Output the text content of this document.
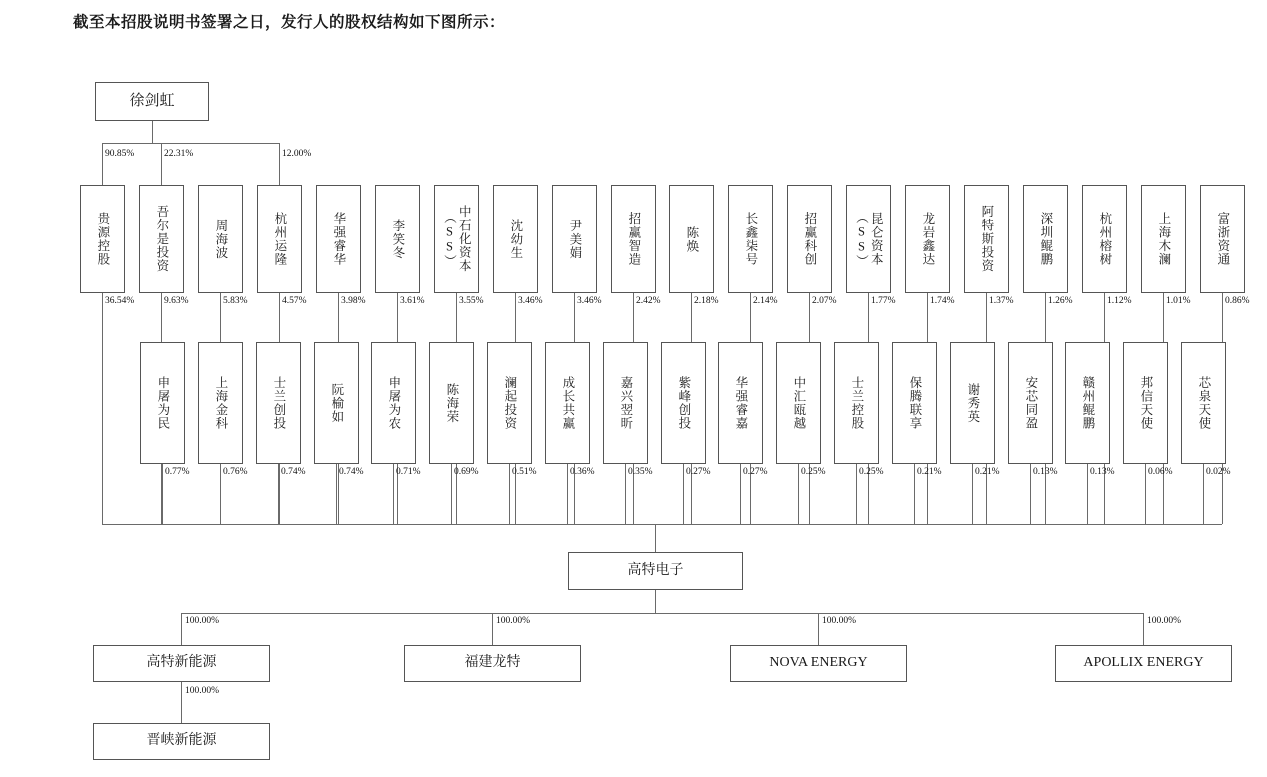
截至本招股说明书签署之日，发行人的股权结构如下图所示：
徐剑虹
贵源控股	吾尔是投资	周海波	杭州运隆	华强睿华	李笑冬	中石化资本（SS）	沈幼生	尹美娟	招赢智造	陈焕	长鑫柒号	招赢科创	昆仑资本（SS）	龙岩鑫达	阿特斯投资	深圳鲲鹏	杭州榕树	上海木澜	富浙资通
申屠为民	上海金科	士兰创投	阮榆如	申屠为农	陈海荣	澜起投资	成长共赢	嘉兴翌昕	紫峰创投	华强睿嘉	中汇瓯越	士兰控股	保腾联享	谢秀英	安芯同盈	赣州鲲鹏	邦信天使	芯泉天使
90.85%	22.31%	12.00%
36.54%	9.63%	5.83%	4.57%	3.98%	3.61%	3.55%	3.46%	3.46%	2.42%	2.18%	2.14%	2.07%	1.77%	1.74%	1.37%	1.26%	1.12%	1.01%	0.86%
0.77%	0.76%	0.74%	0.74%	0.71%	0.69%	0.51%	0.36%	0.35%	0.27%	0.27%	0.25%	0.25%	0.21%	0.21%	0.13%	0.13%	0.06%	0.02%
100.00%	100.00%	100.00%	100.00%
100.00%
高特电子
高特新能源	福建龙特	NOVA ENERGY	APOLLIX ENERGY
晋峡新能源
